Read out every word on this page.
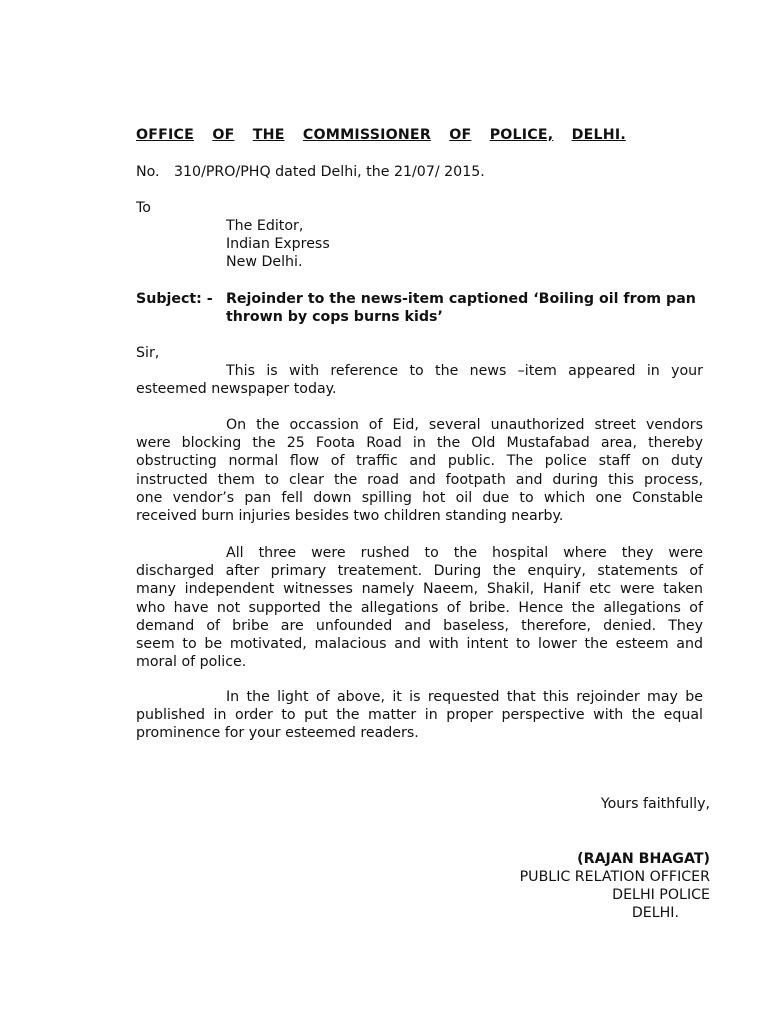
OFFICE OF THE COMMISSIONER OF POLICE, DELHI.
No. 310/PRO/PHQ dated Delhi, the 21/07/ 2015.
To
The Editor,
Indian Express
New Delhi.
Subject: - Rejoinder to the news-item captioned ‘Boiling oil from pan thrown by cops burns kids’
Sir,
This is with reference to the news –item appeared in your
esteemed newspaper today.
On the occassion of Eid, several unauthorized street vendors
were blocking the 25 Foota Road in the Old Mustafabad area, thereby
obstructing normal flow of traffic and public. The police staff on duty
instructed them to clear the road and footpath and during this process,
one vendor’s pan fell down spilling hot oil due to which one Constable
received burn injuries besides two children standing nearby.
All three were rushed to the hospital where they were
discharged after primary treatement. During the enquiry, statements of
many independent witnesses namely Naeem, Shakil, Hanif etc were taken
who have not supported the allegations of bribe. Hence the allegations of
demand of bribe are unfounded and baseless, therefore, denied. They
seem to be motivated, malacious and with intent to lower the esteem and
moral of police.
In the light of above, it is requested that this rejoinder may be
published in order to put the matter in proper perspective with the equal
prominence for your esteemed readers.
Yours faithfully,
(RAJAN BHAGAT)
PUBLIC RELATION OFFICER
DELHI POLICE
DELHI.
